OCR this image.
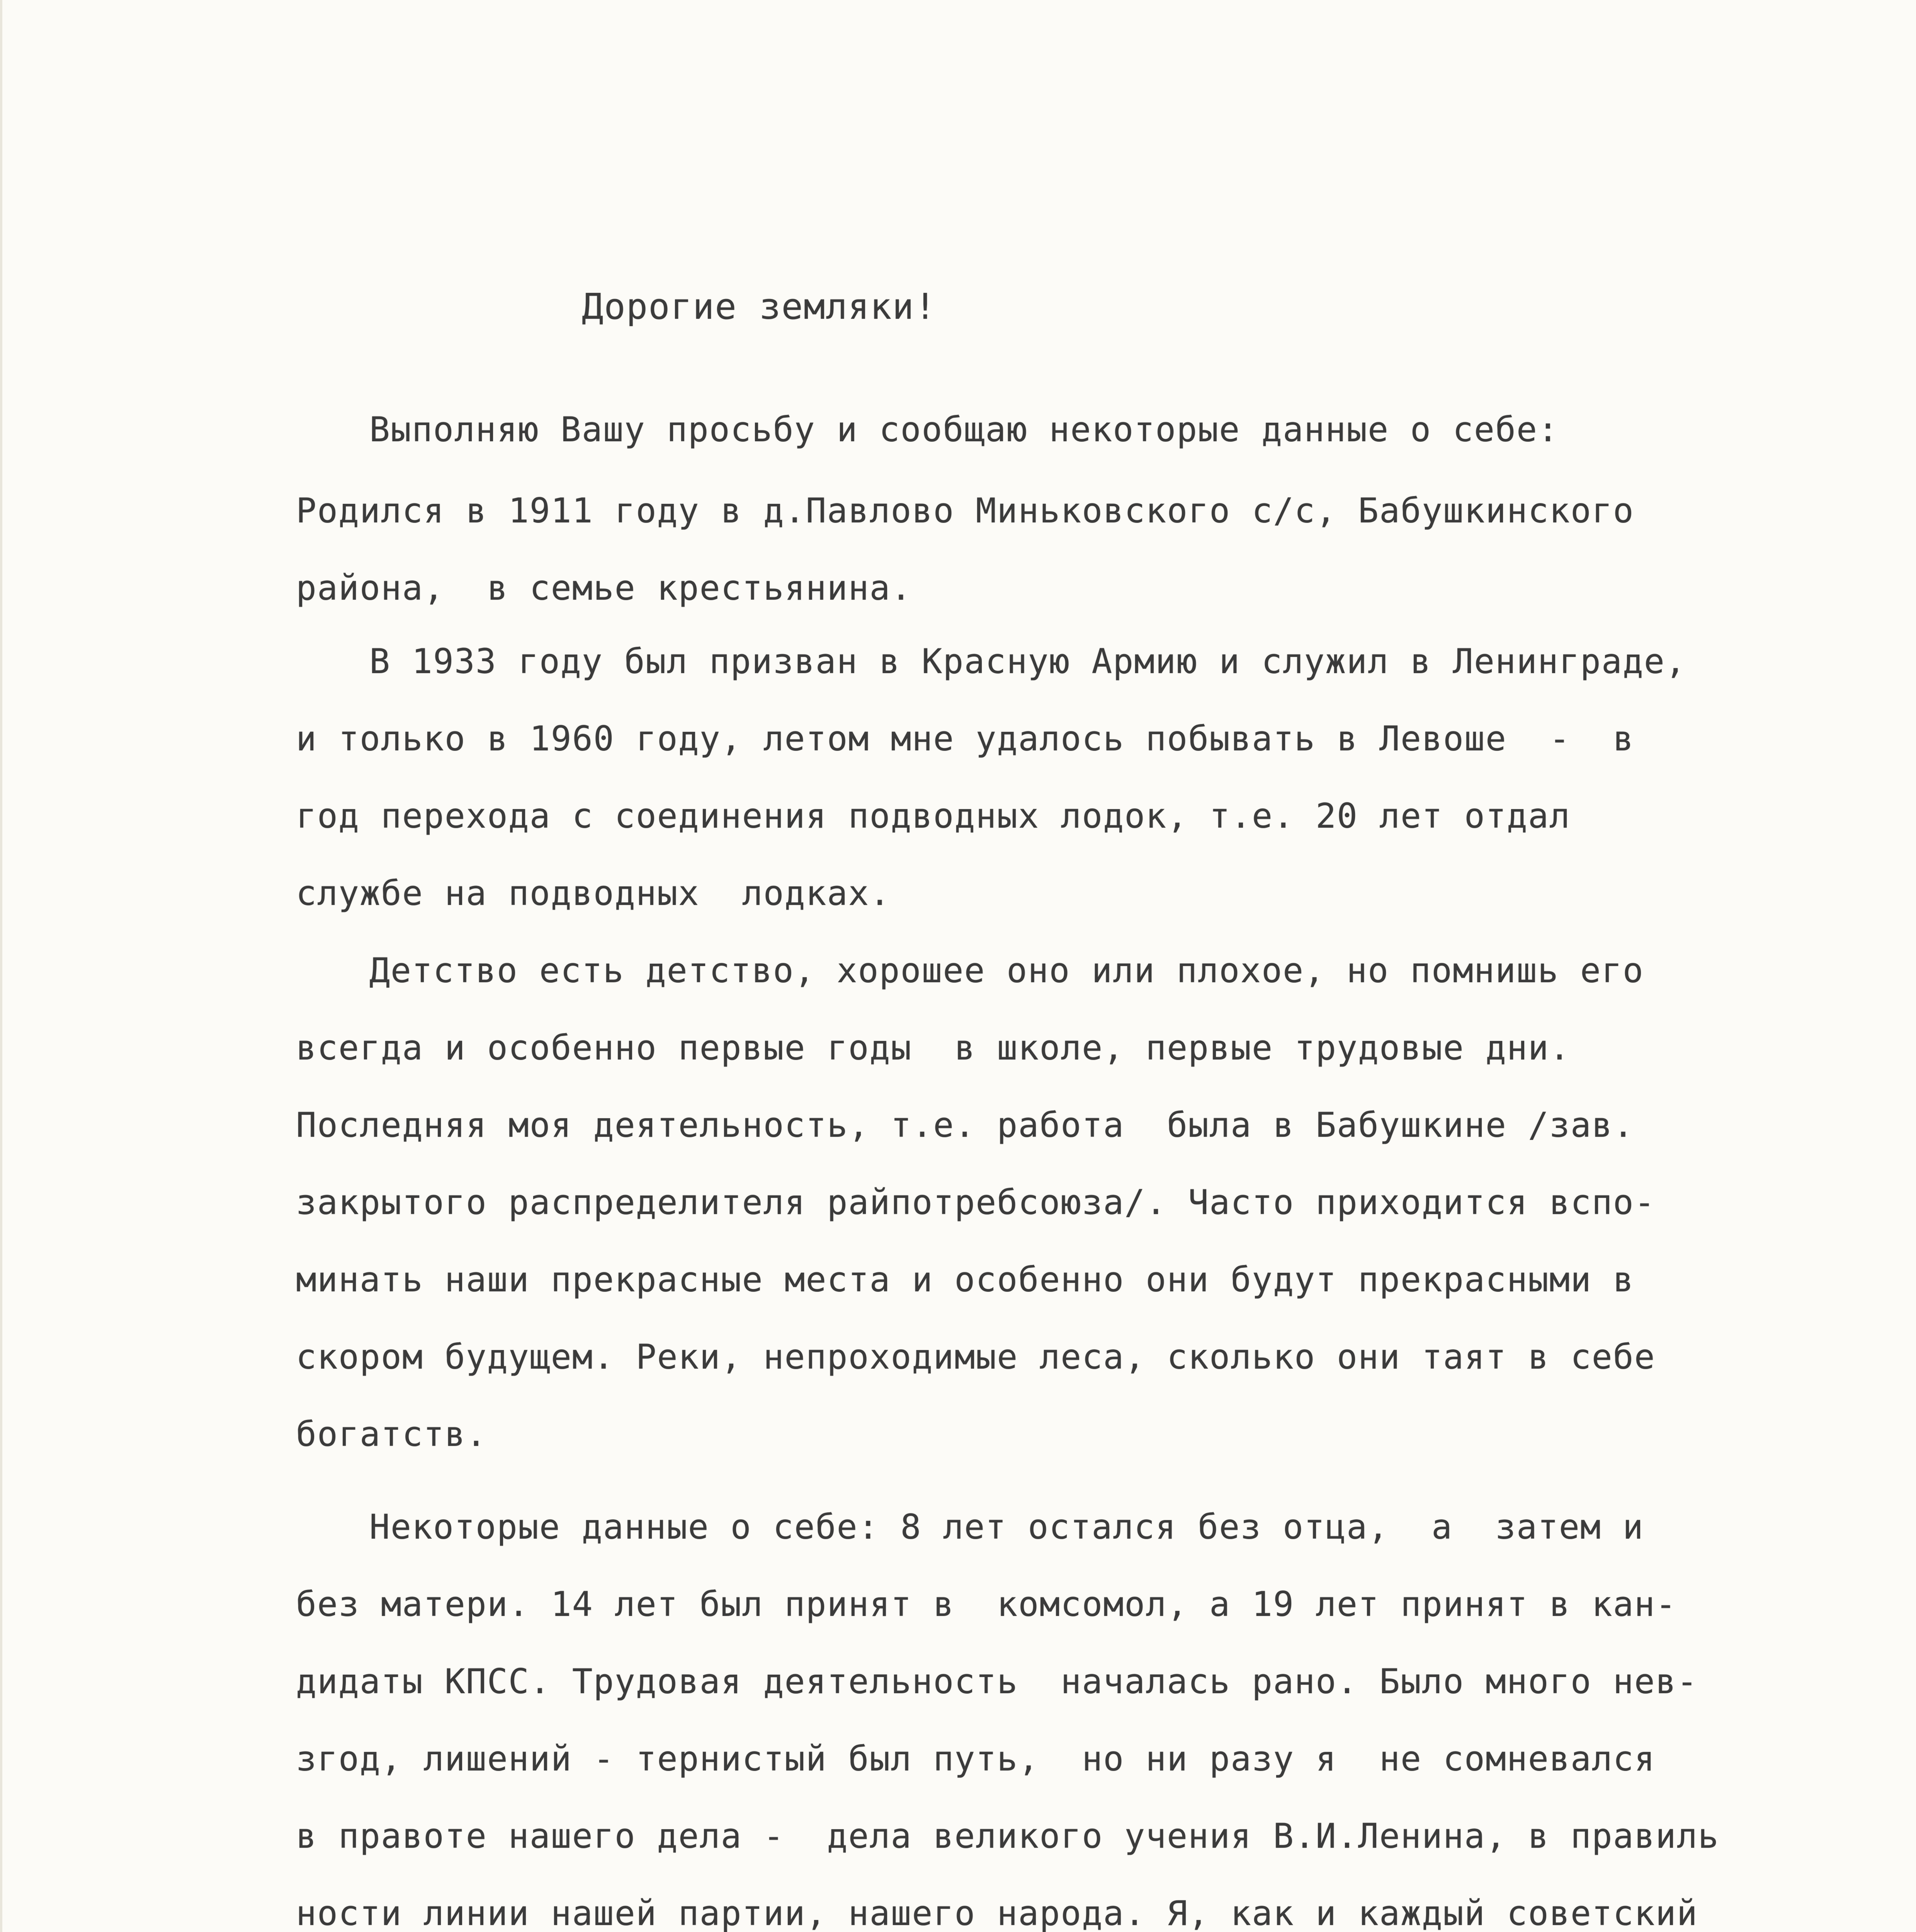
Дорогие земляки!
Выполняю Вашу просьбу и сообщаю некоторые данные о себе:
Родился в 1911 году в д.Павлово Миньковского с/с, Бабушкинского
района,  в семье крестьянина.
В 1933 году был призван в Красную Армию и служил в Ленинграде,
и только в 1960 году, летом мне удалось побывать в Левоше  -  в
год перехода с соединения подводных лодок, т.е. 20 лет отдал
службе на подводных  лодках.
Детство есть детство, хорошее оно или плохое, но помнишь его
всегда и особенно первые годы  в школе, первые трудовые дни.
Последняя моя деятельность, т.е. работа  была в Бабушкине /зав.
закрытого распределителя райпотребсоюза/. Часто приходится вспо-
минать наши прекрасные места и особенно они будут прекрасными в
скором будущем. Реки, непроходимые леса, сколько они таят в себе
богатств.
Некоторые данные о себе: 8 лет остался без отца,  а  затем и
без матери. 14 лет был принят в  комсомол, а 19 лет принят в кан-
дидаты КПСС. Трудовая деятельность  началась рано. Было много нев-
згод, лишений - тернистый был путь,  но ни разу я  не сомневался
в правоте нашего дела -  дела великого учения В.И.Ленина, в правиль
ности линии нашей партии, нашего народа. Я, как и каждый советский
